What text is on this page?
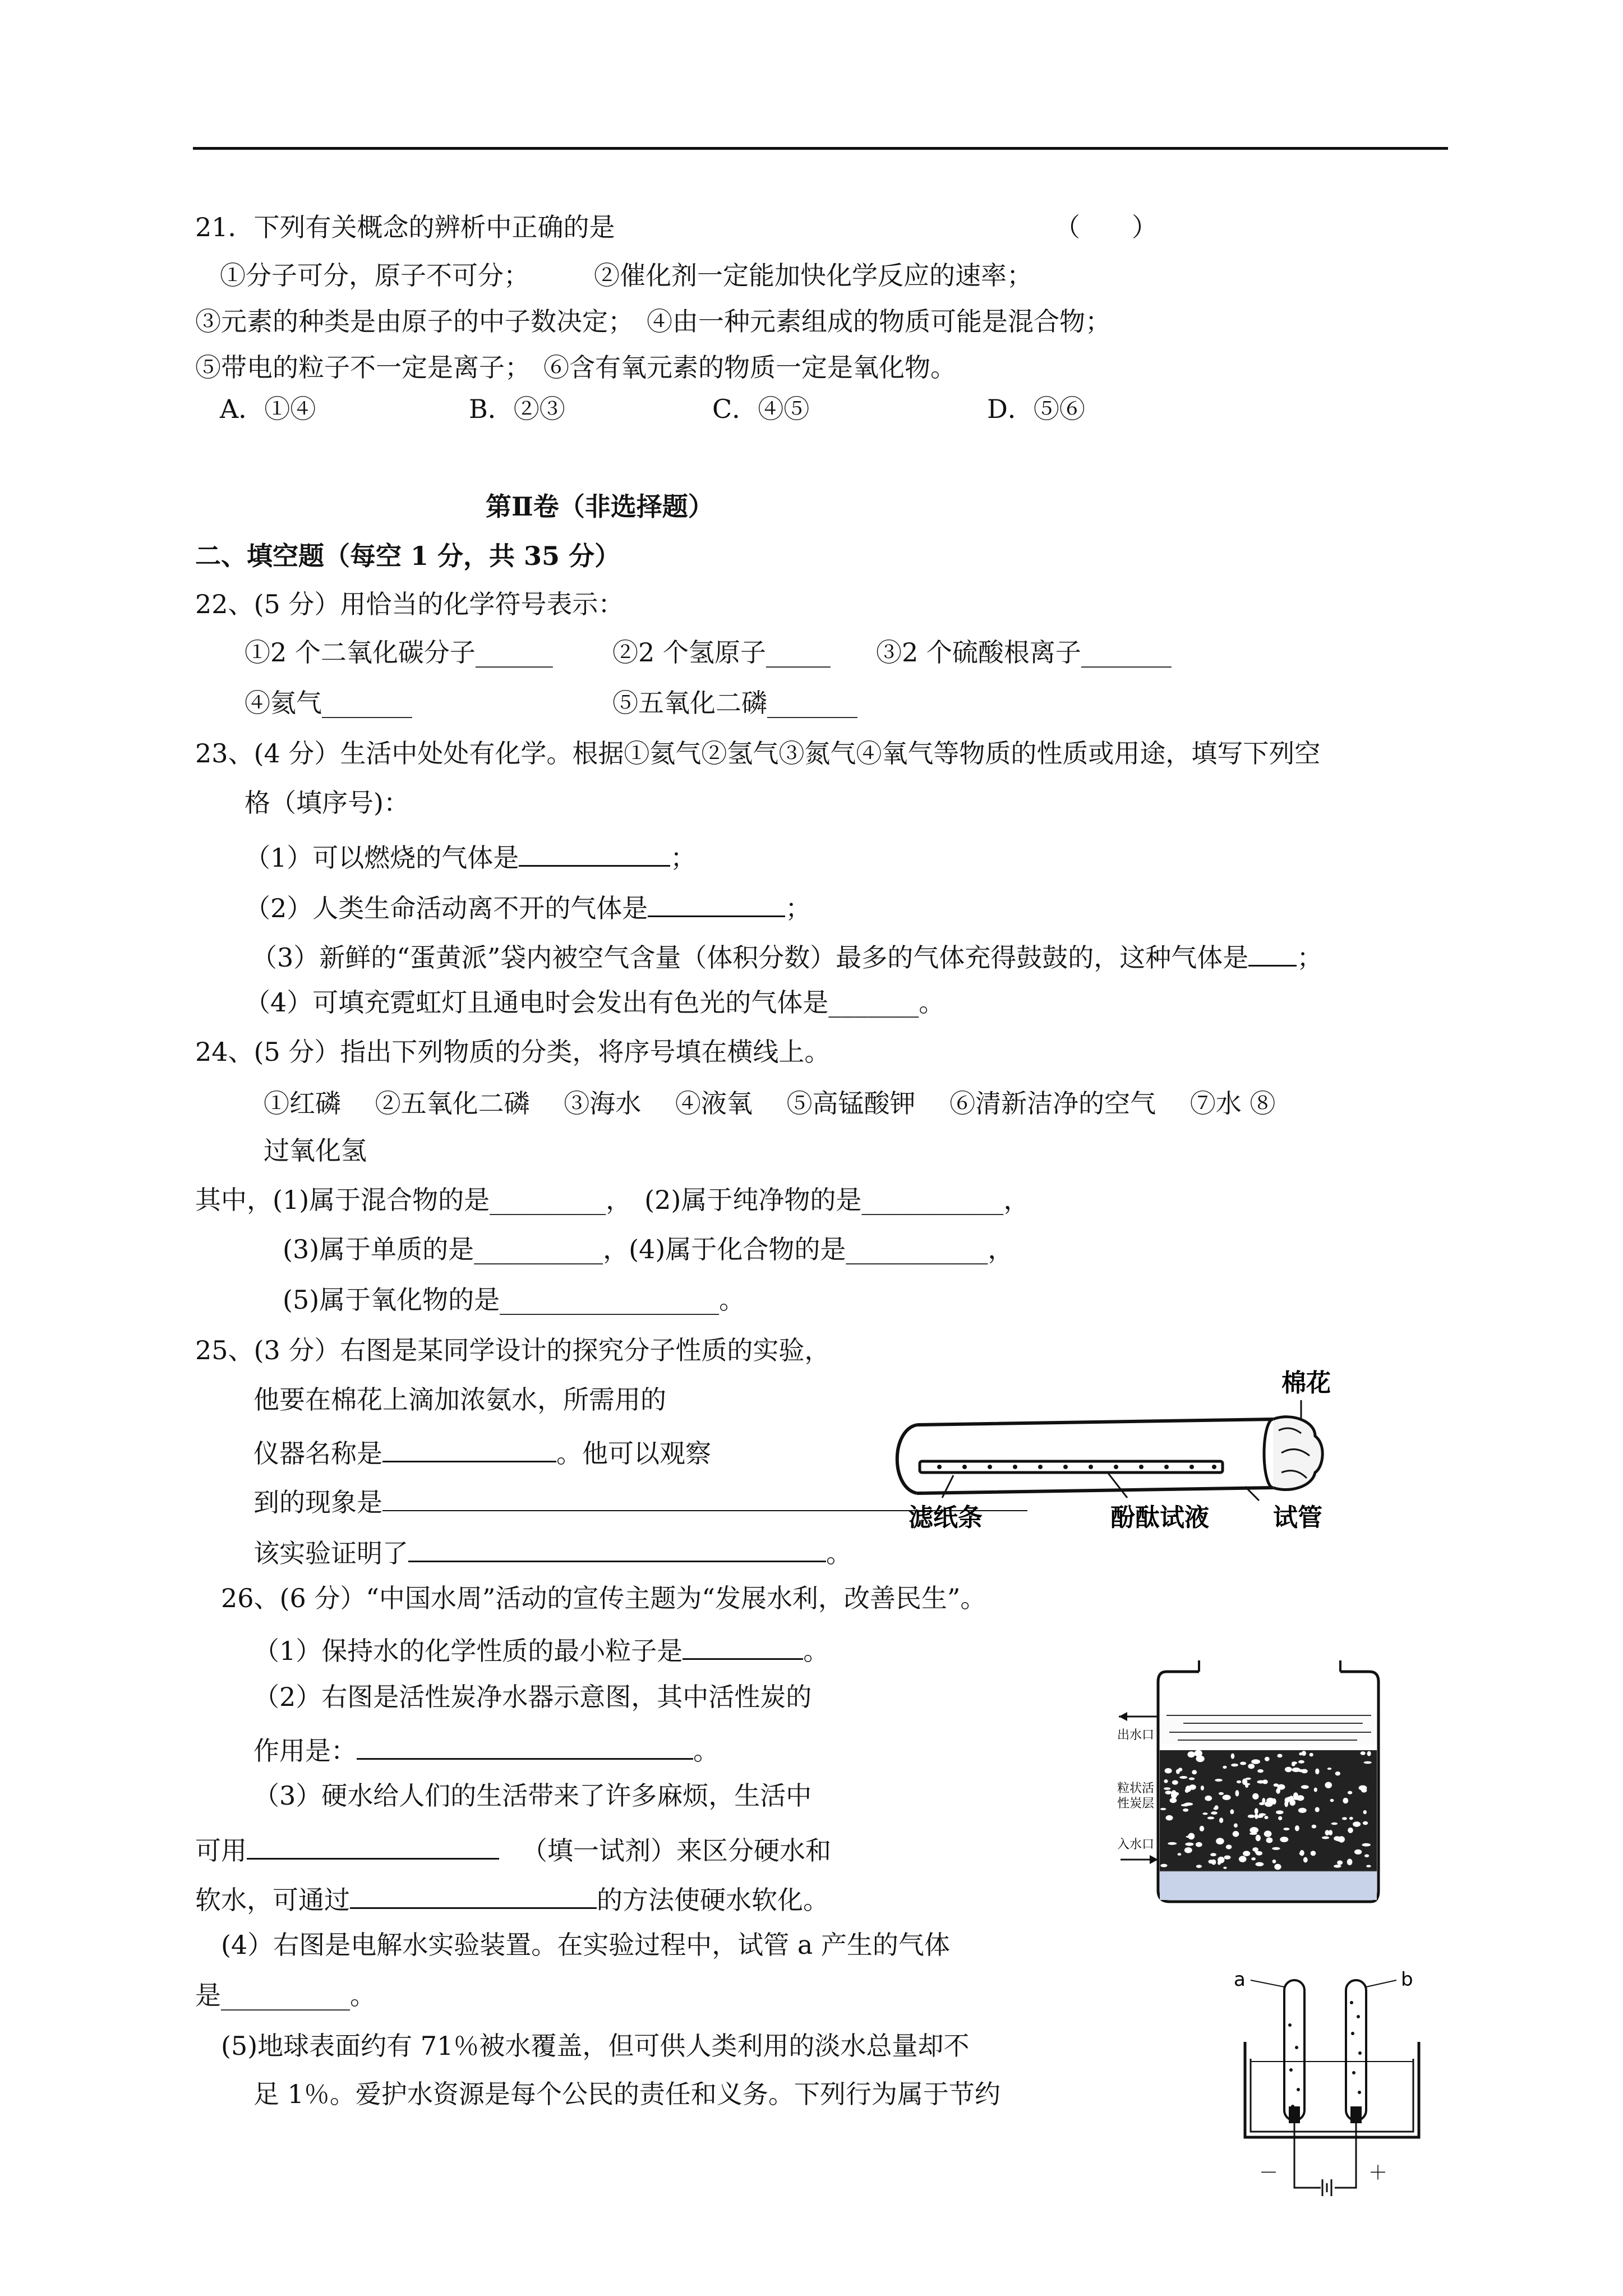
21．下列有关概念的辨析中正确的是	（　　）
①分子可分，原子不可分；　　　②催化剂一定能加快化学反应的速率；
③元素的种类是由原子的中子数决定；　④由一种元素组成的物质可能是混合物；
⑤带电的粒子不一定是离子；　⑥含有氧元素的物质一定是氧化物。
A．①④	B．②③	C．④⑤	D．⑤⑥
第Ⅱ卷（非选择题）
二、填空题（每空 1 分，共 35 分）
22、(5 分）用恰当的化学符号表示：
①2 个二氧化碳分子______ ②2 个氢原子_____ ③2 个硫酸根离子_______
④氦气_______	⑤五氧化二磷_______
23、(4 分）生活中处处有化学。根据①氦气②氢气③氮气④氧气等物质的性质或用途，填写下列空
格（填序号)：
（1）可以燃烧的气体是	；
（2）人类生命活动离不开的气体是	；
（3）新鲜的“蛋黄派”袋内被空气含量（体积分数）最多的气体充得鼓鼓的，这种气体是 ；
（4）可填充霓虹灯且通电时会发出有色光的气体是_______。
24、(5 分）指出下列物质的分类，将序号填在横线上。
①红磷　 ②五氧化二磷　 ③海水　 ④液氧　 ⑤高锰酸钾　 ⑥清新洁净的空气　 ⑦水 ⑧
过氧化氢
其中，(1)属于混合物的是_________，　(2)属于纯净物的是___________，
(3)属于单质的是__________，(4)属于化合物的是___________，
(5)属于氧化物的是_________________。
25、(3 分）右图是某同学设计的探究分子性质的实验，
他要在棉花上滴加浓氨水，所需用的
仪器名称是	。他可以观察
到的现象是
该实验证明了	。
棉花
滤纸条	酚酞试液	试管
26、(6 分）“中国水周”活动的宣传主题为“发展水利，改善民生”。
（1）保持水的化学性质的最小粒子是	。
（2）右图是活性炭净水器示意图，其中活性炭的
作用是：	。
（3）硬水给人们的生活带来了许多麻烦，生活中
可用	（填一试剂）来区分硬水和
软水，可通过	的方法使硬水软化。
(4）右图是电解水实验装置。在实验过程中，试管 a 产生的气体
是__________。
(5)地球表面约有 71％被水覆盖，但可供人类利用的淡水总量却不
足 1％。爱护水资源是每个公民的责任和义务。下列行为属于节约
出水口
粒状活
性炭层
入水口
a	b
－	＋
